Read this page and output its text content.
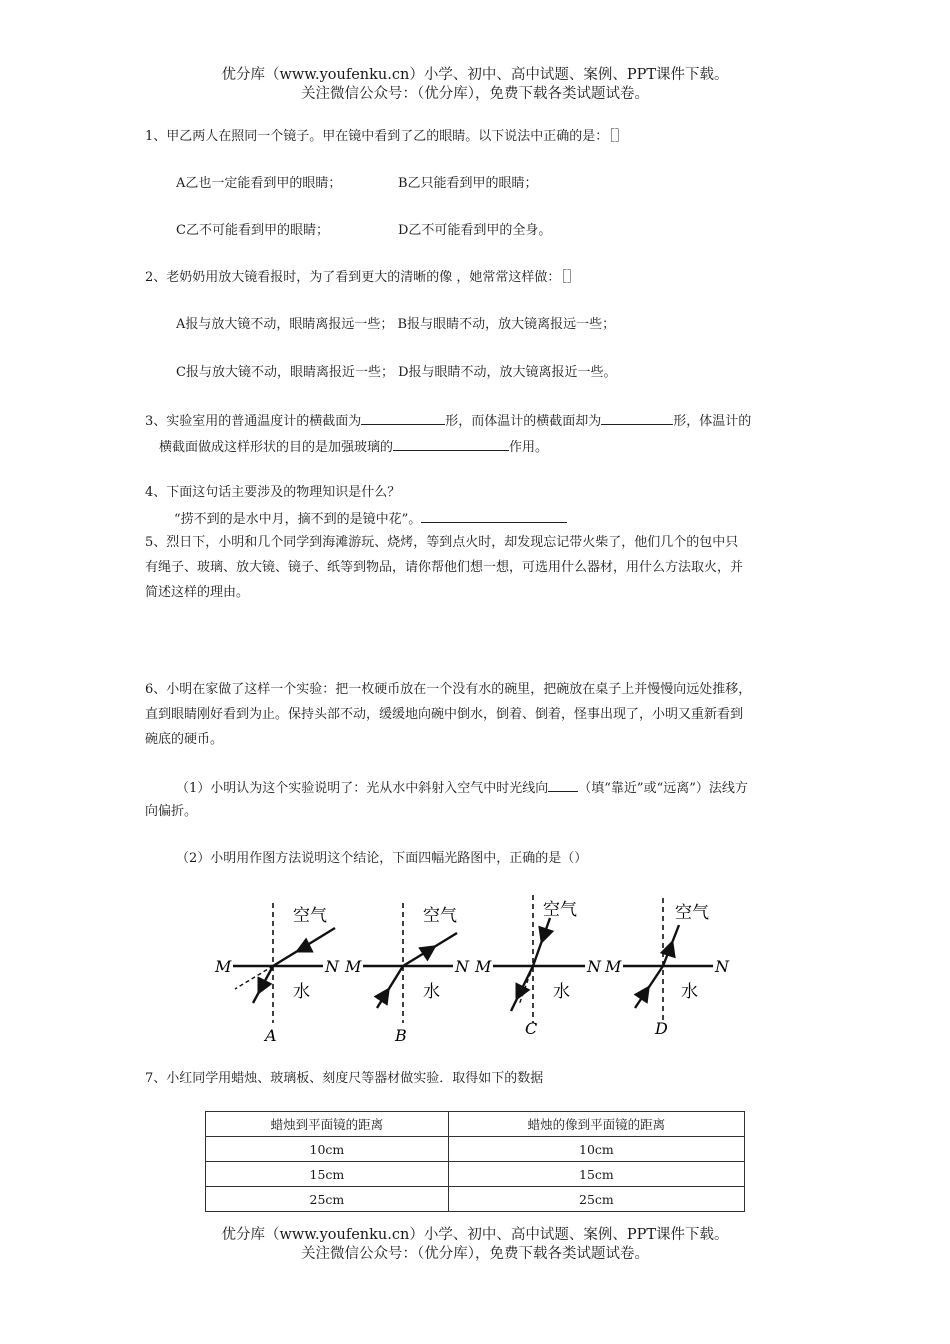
优分库（www.youfenku.cn）小学、初中、高中试题、案例、PPT课件下载。
关注微信公众号：（优分库），免费下载各类试题试卷。
1、甲乙两人在照同一个镜子。甲在镜中看到了乙的眼睛。以下说法中正确的是：［］
A乙也一定能看到甲的眼睛；	B乙只能看到甲的眼睛；
C乙不可能看到甲的眼睛；	D乙不可能看到甲的全身。
2、老奶奶用放大镜看报时，为了看到更大的清晰的像 ，她常常这样做：［］
A报与放大镜不动，眼睛离报远一些； B报与眼睛不动，放大镜离报远一些；
C报与放大镜不动，眼睛离报近一些； D报与眼睛不动，放大镜离报近一些。
3、实验室用的普通温度计的横截面为	形，而体温计的横截面却为	形，体温计的
横截面做成这样形状的目的是加强玻璃的	作用。
4、下面这句话主要涉及的物理知识是什么？
“捞不到的是水中月，摘不到的是镜中花”。
5、烈日下，小明和几个同学到海滩游玩、烧烤，等到点火时，却发现忘记带火柴了，他们几个的包中只
有绳子、玻璃、放大镜、镜子、纸等到物品，请你帮他们想一想，可选用什么器材，用什么方法取火，并
简述这样的理由。
6、小明在家做了这样一个实验：把一枚硬币放在一个没有水的碗里，把碗放在桌子上并慢慢向远处推移，
直到眼睛刚好看到为止。保持头部不动，缓缓地向碗中倒水，倒着、倒着，怪事出现了，小明又重新看到
碗底的硬币。
（1）小明认为这个实验说明了：光从水中斜射入空气中时光线向 （填“靠近”或“远离”）法线方
向偏折。
（2）小明用作图方法说明这个结论，下面四幅光路图中，正确的是（）
空气
水
M	N
A
空气
水
M	N
B
空气
水
M	N
C
空气
水
M	N
D
7、小红同学用蜡烛、玻璃板、刻度尺等器材做实验．取得如下的数据
蜡烛到平面镜的距离	蜡烛的像到平面镜的距离
10cm	10cm
15cm	15cm
25cm	25cm
优分库（www.youfenku.cn）小学、初中、高中试题、案例、PPT课件下载。
关注微信公众号：（优分库），免费下载各类试题试卷。
